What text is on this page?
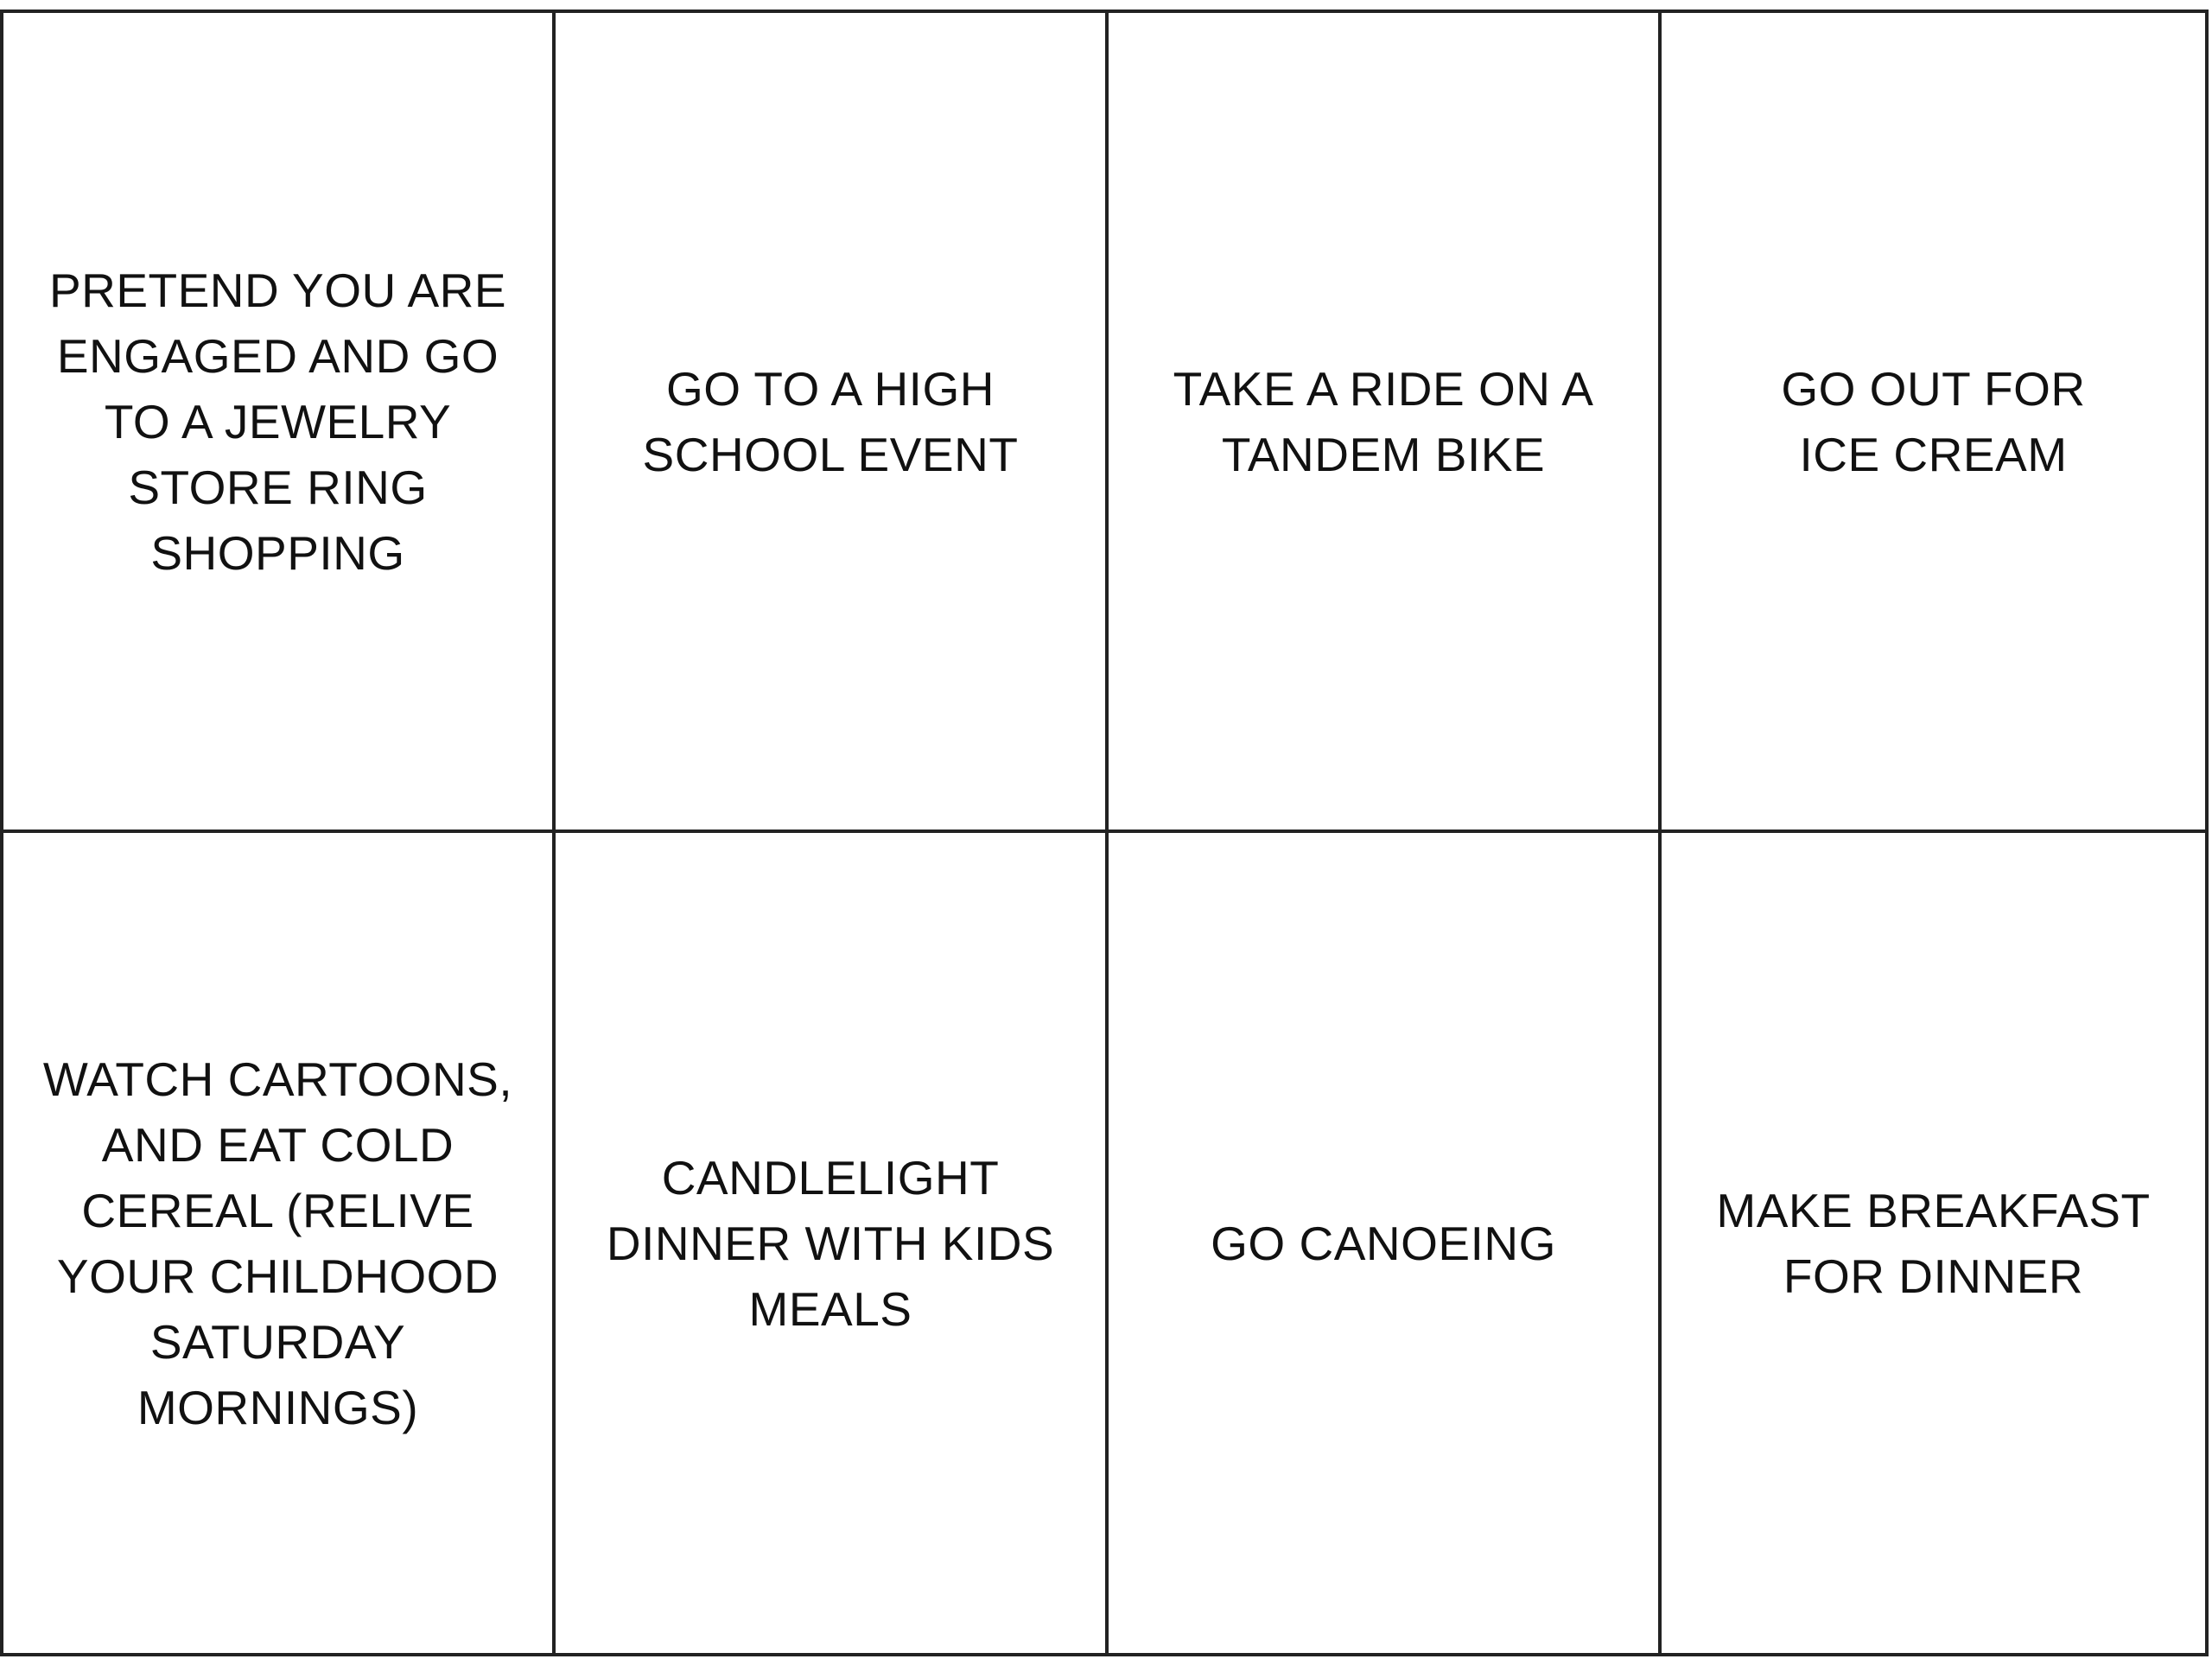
PRETEND YOU ARE ENGAGED AND GO TO A JEWELRY STORE RING SHOPPING
GO TO A HIGH SCHOOL EVENT
TAKE A RIDE ON A TANDEM BIKE
GO OUT FOR ICE CREAM
WATCH CARTOONS, AND EAT COLD CEREAL (RELIVE YOUR CHILDHOOD SATURDAY MORNINGS)
CANDLELIGHT DINNER WITH KIDS MEALS
GO CANOEING
MAKE BREAKFAST FOR DINNER
